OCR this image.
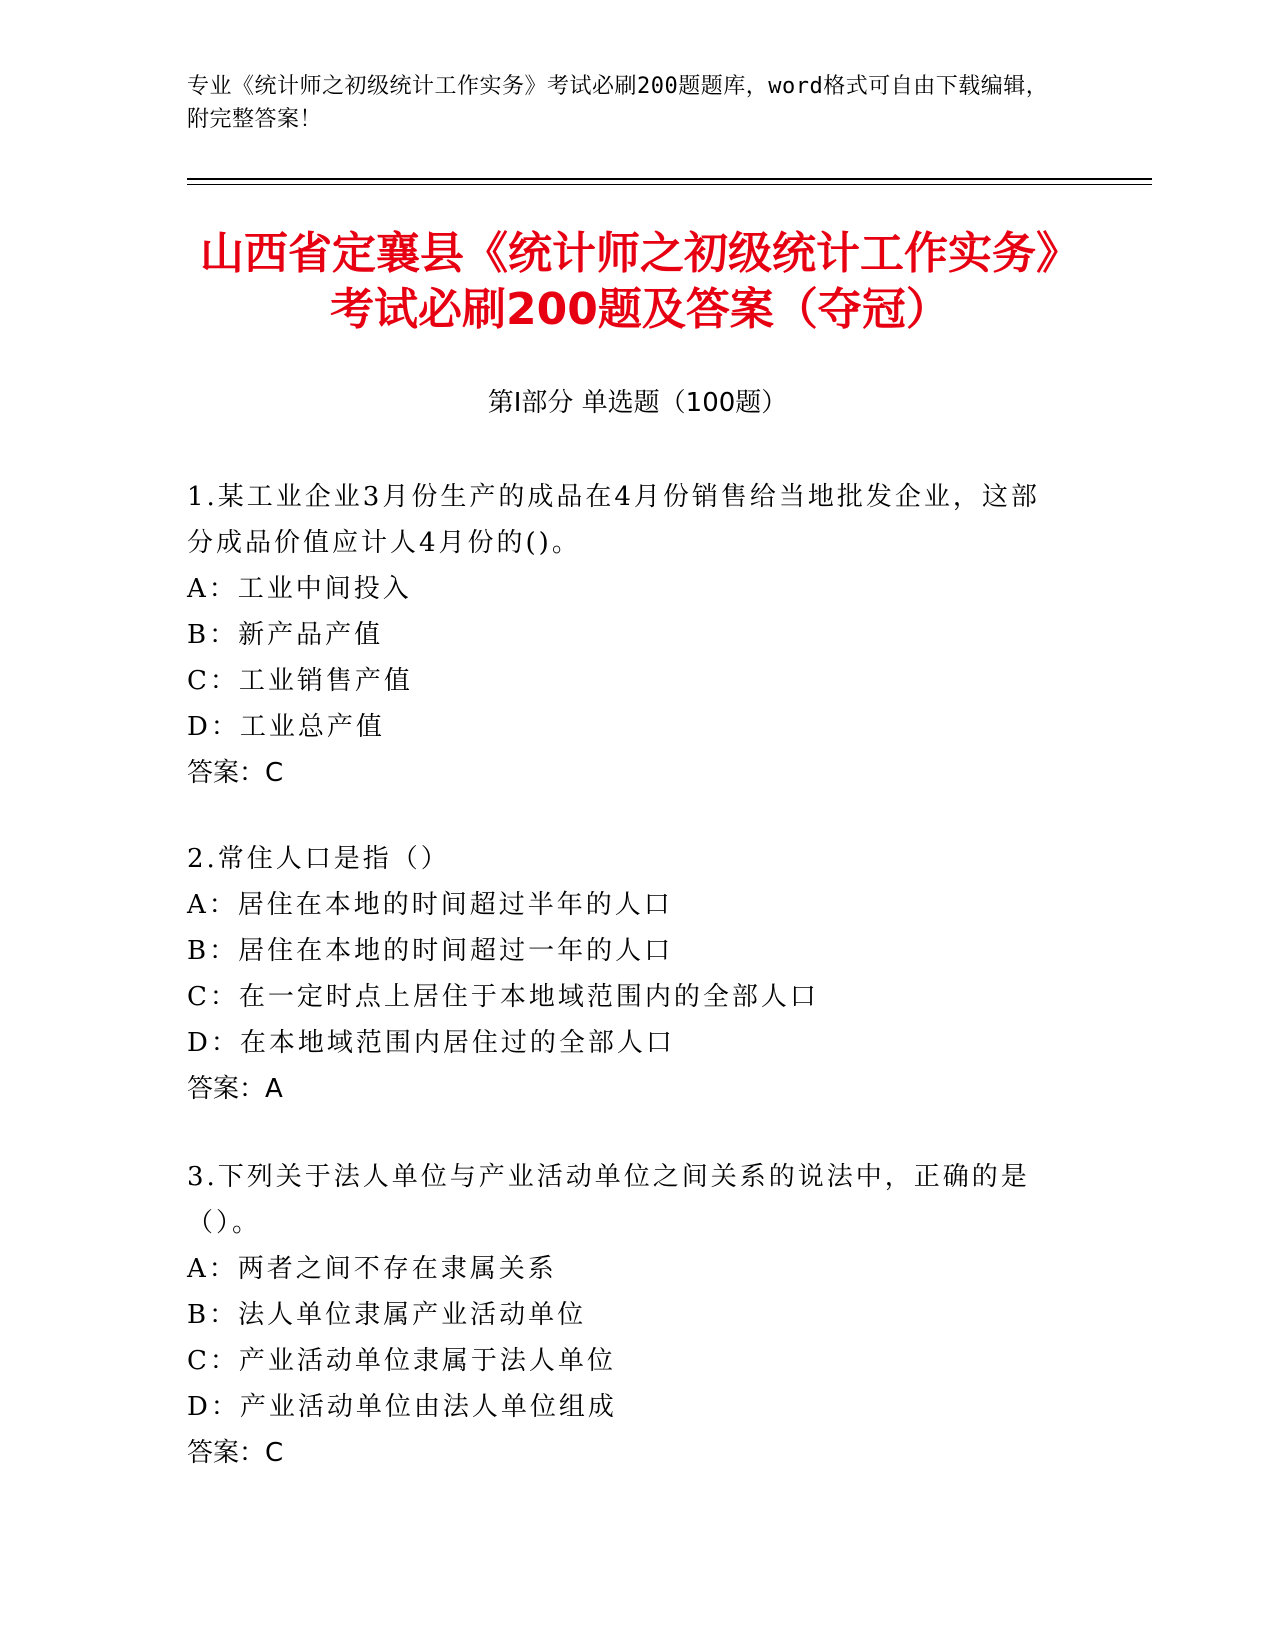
专业《统计师之初级统计工作实务》考试必刷200题题库，word格式可自由下载编辑，附完整答案！
山西省定襄县《统计师之初级统计工作实务》考试必刷200题及答案（夺冠）
第Ⅰ部分 单选题（100题）

1.某工业企业3月份生产的成品在4月份销售给当地批发企业，这部分成品价值应计人4月份的()。

A：工业中间投入

B：新产品产值

C：工业销售产值

D：工业总产值

答案：C

2.常住人口是指（）

A：居住在本地的时间超过半年的人口

B：居住在本地的时间超过一年的人口

C：在一定时点上居住于本地域范围内的全部人口

D：在本地域范围内居住过的全部人口

答案：A

3.下列关于法人单位与产业活动单位之间关系的说法中，正确的是（）。

A：两者之间不存在隶属关系

B：法人单位隶属产业活动单位

C：产业活动单位隶属于法人单位

D：产业活动单位由法人单位组成

答案：C
